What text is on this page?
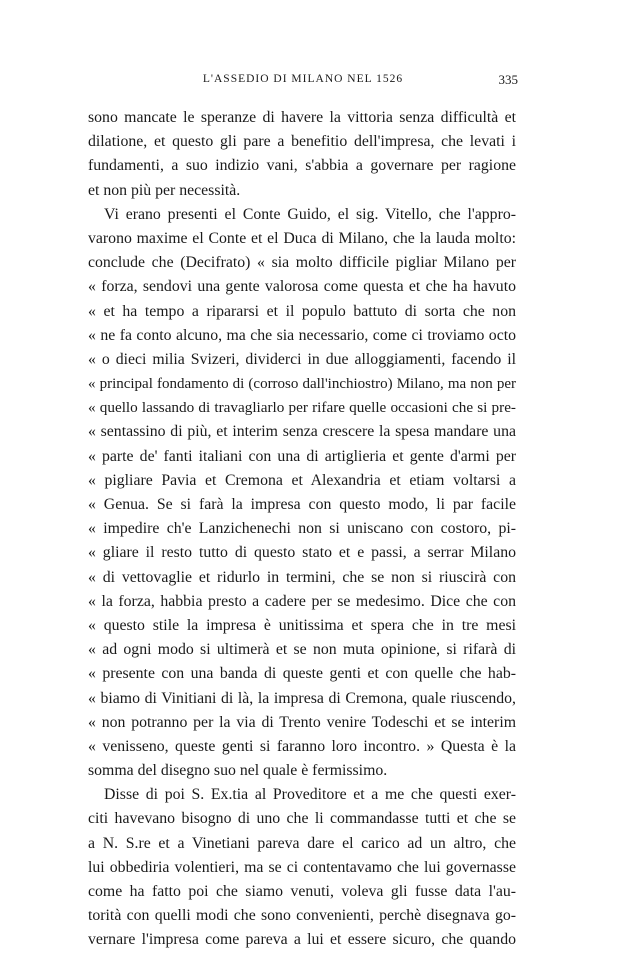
L'ASSEDIO DI MILANO NEL 1526	335
sono mancate le speranze di havere la vittoria senza difficultà et
dilatione, et questo gli pare a benefitio dell'impresa, che levati i
fundamenti, a suo indizio vani, s'abbia a governare per ragione
et non più per necessità.
Vi erano presenti el Conte Guido, el sig. Vitello, che l'appro-
varono maxime el Conte et el Duca di Milano, che la lauda molto:
conclude che (Decifrato) « sia molto difficile pigliar Milano per
« forza, sendovi una gente valorosa come questa et che ha havuto
« et ha tempo a ripararsi et il populo battuto di sorta che non
« ne fa conto alcuno, ma che sia necessario, come ci troviamo octo
« o dieci milia Svizeri, dividerci in due alloggiamenti, facendo il
« principal fondamento di (corroso dall'inchiostro) Milano, ma non per
« quello lassando di travagliarlo per rifare quelle occasioni che si pre-
« sentassino di più, et interim senza crescere la spesa mandare una
« parte de' fanti italiani con una di artiglieria et gente d'armi per
« pigliare Pavia et Cremona et Alexandria et etiam voltarsi a
« Genua. Se si farà la impresa con questo modo, li par facile
« impedire ch'e Lanzichenechi non si uniscano con costoro, pi-
« gliare il resto tutto di questo stato et e passi, a serrar Milano
« di vettovaglie et ridurlo in termini, che se non si riuscirà con
« la forza, habbia presto a cadere per se medesimo. Dice che con
« questo stile la impresa è unitissima et spera che in tre mesi
« ad ogni modo si ultimerà et se non muta opinione, si rifarà di
« presente con una banda di queste genti et con quelle che hab-
« biamo di Vinitiani di là, la impresa di Cremona, quale riuscendo,
« non potranno per la via di Trento venire Todeschi et se interim
« venisseno, queste genti si faranno loro incontro. » Questa è la
somma del disegno suo nel quale è fermissimo.
Disse di poi S. Ex.tia al Proveditore et a me che questi exer-
citi havevano bisogno di uno che li commandasse tutti et che se
a N. S.re et a Vinetiani pareva dare el carico ad un altro, che
lui obbediria volentieri, ma se ci contentavamo che lui governasse
come ha fatto poi che siamo venuti, voleva gli fusse data l'au-
torità con quelli modi che sono convenienti, perchè disegnava go-
vernare l'impresa come pareva a lui et essere sicuro, che quando
